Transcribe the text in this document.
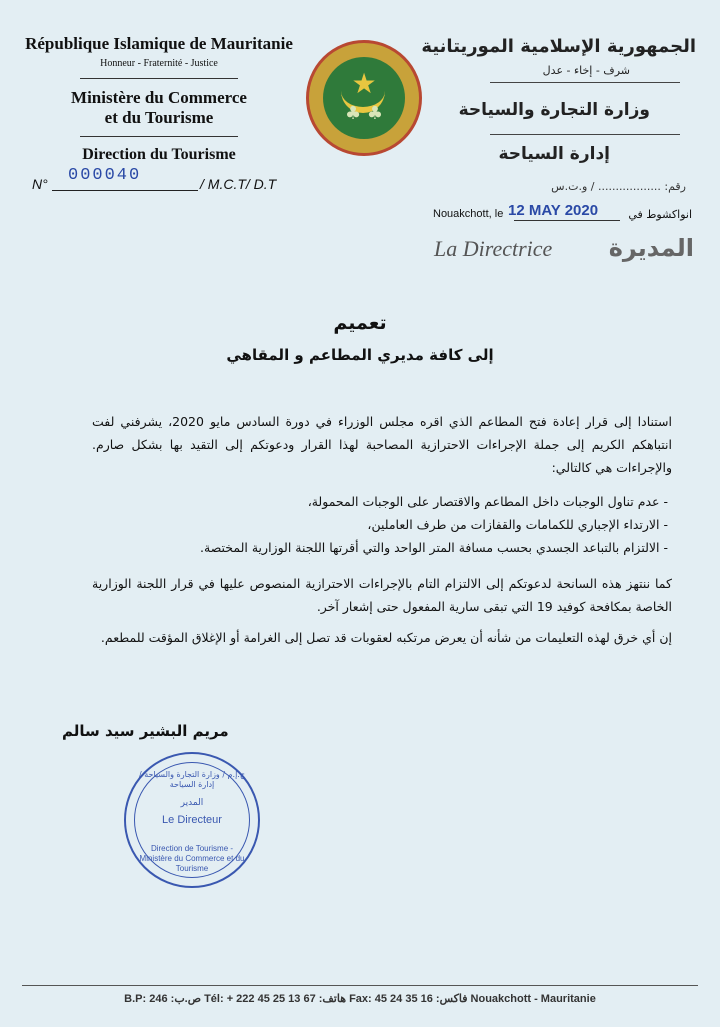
République Islamique de Mauritanie
Honneur - Fraternité - Justice
Ministère du Commerce
et du Tourisme
Direction du Tourisme
★
♣ ♣
الجمهورية الإسلامية الموريتانية
شرف - إخاء - عدل
وزارة التجارة والسياحة
إدارة السياحة
N° 000040	/ M.C.T/ D.T	رقم: .................. / و.ت.س
Nouakchott, le 12 MAY 2020	انواكشوط في
La Directrice المديرة
تعميم
إلى كافة مديري المطاعم و المقاهي
استنادا إلى قرار إعادة فتح المطاعم الذي اقره مجلس الوزراء في دورة السادس مايو 2020، يشرفني لفت انتباهكم الكريم إلى جملة الإجراءات الاحترازية المصاحبة لهذا القرار ودعوتكم إلى التقيد بها بشكل صارم. والإجراءات هي كالتالي:
- عدم تناول الوجبات داخل المطاعم والاقتصار على الوجبات المحمولة،
- الارتداء الإجباري للكمامات والقفازات من طرف العاملين،
- الالتزام بالتباعد الجسدي بحسب مسافة المتر الواحد والتي أقرتها اللجنة الوزارية المختصة.
كما ننتهز هذه السانحة لدعوتكم إلى الالتزام التام بالإجراءات الاحترازية المنصوص عليها في قرار اللجنة الوزارية الخاصة بمكافحة كوفيد 19 التي تبقى سارية المفعول حتى إشعار آخر.
إن أي خرق لهذه التعليمات من شأنه أن يعرض مرتكبه لعقوبات قد تصل إلى الغرامة أو الإغلاق المؤقت للمطعم.
مريم البشير سيد سالم
ج.إ.م / وزارة التجارة والسياحة / إدارة السياحة
المدير
Le Directeur
Direction de Tourisme - Ministère du Commerce et du Tourisme
B.P: 246 :ص.ب Tél: + 222 45 25 13 67 :هاتف Fax: 45 24 35 16 :فاكس Nouakchott - Mauritanie
